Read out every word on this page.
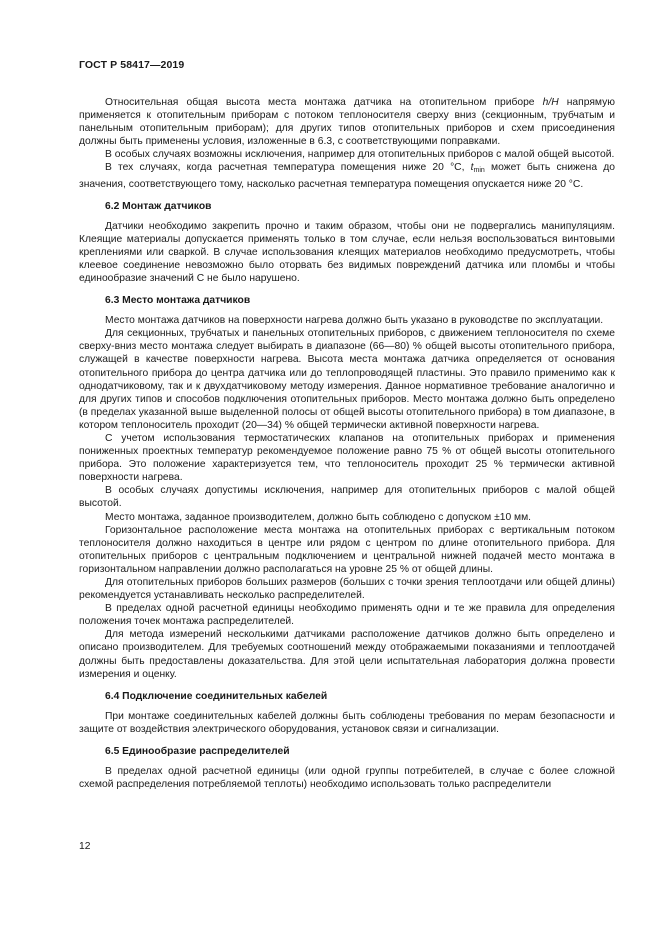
ГОСТ Р 58417—2019

Относительная общая высота места монтажа датчика на отопительном приборе h/H напрямую применяется к отопительным приборам с потоком теплоносителя сверху вниз (секционным, трубчатым и панельным отопительным приборам); для других типов отопительных приборов и схем присоединения должны быть применены условия, изложенные в 6.3, с соответствующими поправками.

В особых случаях возможны исключения, например для отопительных приборов с малой общей высотой.

В тех случаях, когда расчетная температура помещения ниже 20 °C, $t_{min}$ может быть снижена до значения, соответствующего тому, насколько расчетная температура помещения опускается ниже 20 °C.

6.2 Монтаж датчиков

Датчики необходимо закрепить прочно и таким образом, чтобы они не подвергались манипуляциям. Клеящие материалы допускается применять только в том случае, если нельзя воспользоваться винтовыми креплениями или сваркой. В случае использования клеящих материалов необходимо предусмотреть, чтобы клеевое соединение невозможно было оторвать без видимых повреждений датчика или пломбы и чтобы единообразие значений С не было нарушено.

6.3 Место монтажа датчиков

Место монтажа датчиков на поверхности нагрева должно быть указано в руководстве по эксплуатации.

Для секционных, трубчатых и панельных отопительных приборов, с движением теплоносителя по схеме сверху-вниз место монтажа следует выбирать в диапазоне (66—80) % общей высоты отопительного прибора, служащей в качестве поверхности нагрева. Высота места монтажа датчика определяется от основания отопительного прибора до центра датчика или до теплопроводящей пластины. Это правило применимо как к однодатчиковому, так и к двухдатчиковому методу измерения. Данное нормативное требование аналогично и для других типов и способов подключения отопительных приборов. Место монтажа должно быть определено (в пределах указанной выше выделенной полосы от общей высоты отопительного прибора) в том диапазоне, в котором теплоноситель проходит (20—34) % общей термически активной поверхности нагрева.

С учетом использования термостатических клапанов на отопительных приборах и применения пониженных проектных температур рекомендуемое положение равно 75 % от общей высоты отопительного прибора. Это положение характеризуется тем, что теплоноситель проходит 25 % термически активной поверхности нагрева.

В особых случаях допустимы исключения, например для отопительных приборов с малой общей высотой.

Место монтажа, заданное производителем, должно быть соблюдено с допуском ±10 мм.

Горизонтальное расположение места монтажа на отопительных приборах с вертикальным потоком теплоносителя должно находиться в центре или рядом с центром по длине отопительного прибора. Для отопительных приборов с центральным подключением и центральной нижней подачей место монтажа в горизонтальном направлении должно располагаться на уровне 25 % от общей длины.

Для отопительных приборов больших размеров (больших с точки зрения теплоотдачи или общей длины) рекомендуется устанавливать несколько распределителей.

В пределах одной расчетной единицы необходимо применять одни и те же правила для определения положения точек монтажа распределителей.

Для метода измерений несколькими датчиками расположение датчиков должно быть определено и описано производителем. Для требуемых соотношений между отображаемыми показаниями и теплоотдачей должны быть предоставлены доказательства. Для этой цели испытательная лаборатория должна провести измерения и оценку.

6.4 Подключение соединительных кабелей

При монтаже соединительных кабелей должны быть соблюдены требования по мерам безопасности и защите от воздействия электрического оборудования, установок связи и сигнализации.

6.5 Единообразие распределителей

В пределах одной расчетной единицы (или одной группы потребителей, в случае с более сложной схемой распределения потребляемой теплоты) необходимо использовать только распределители

12
